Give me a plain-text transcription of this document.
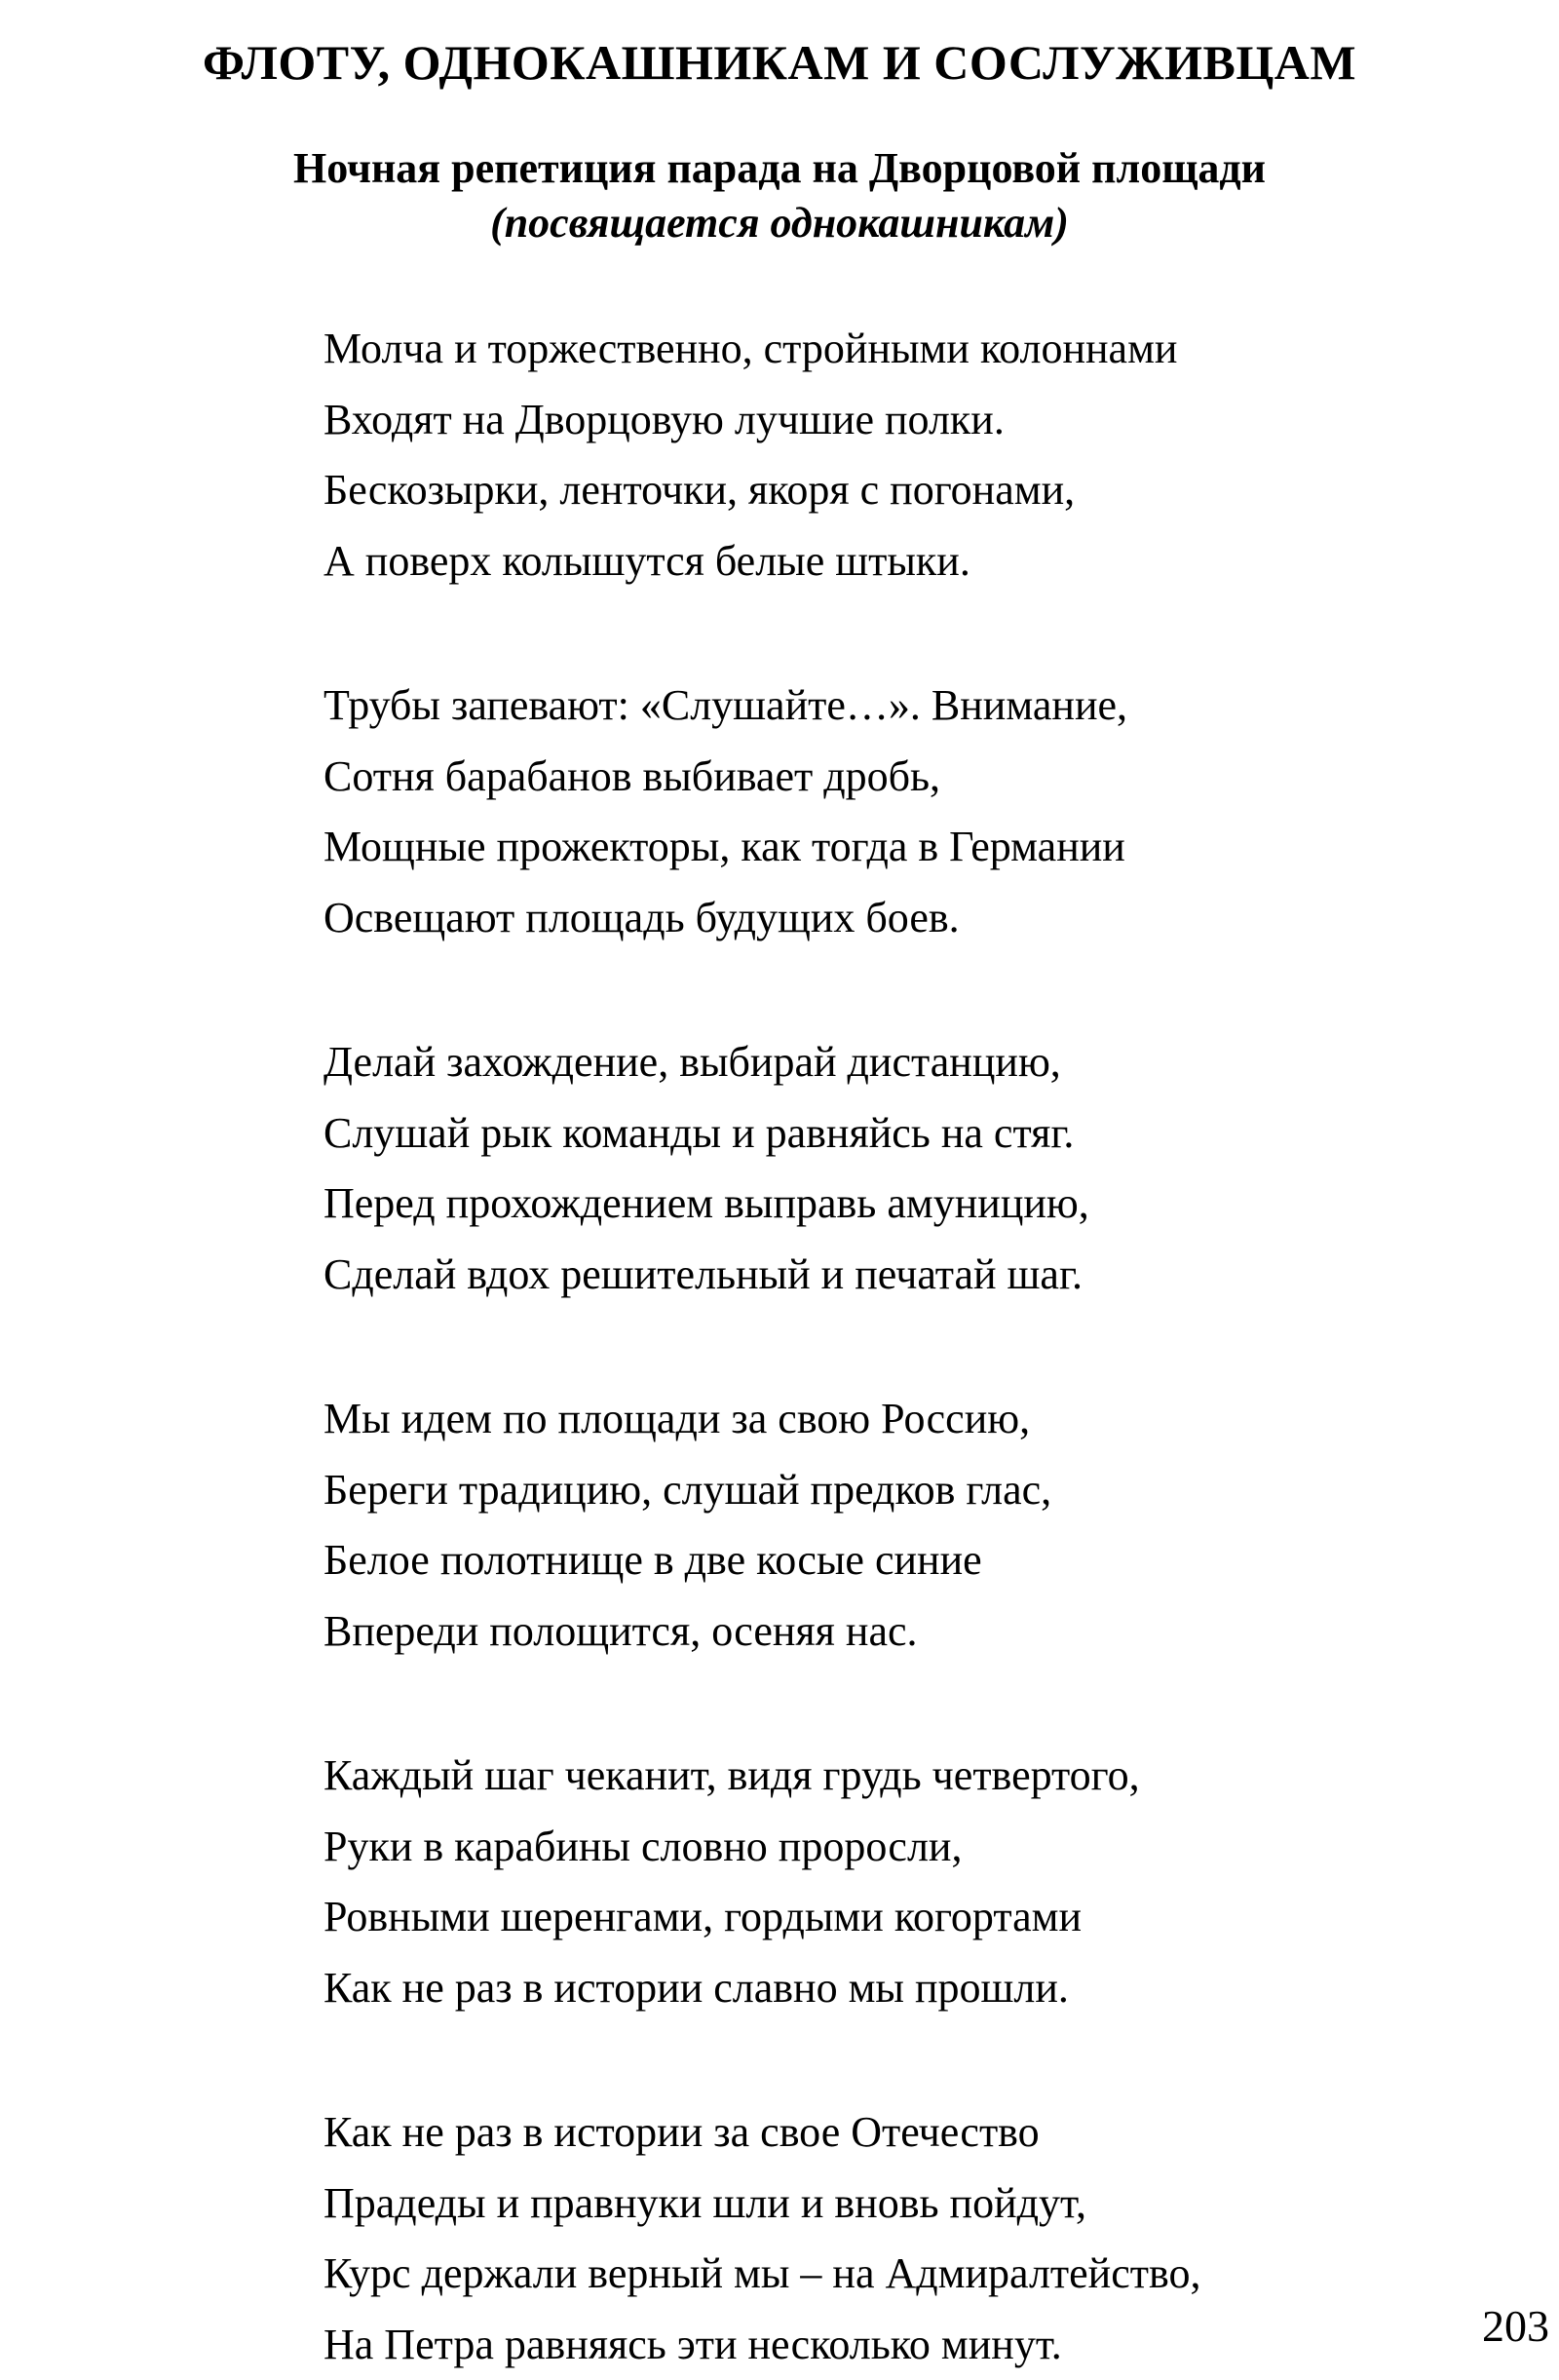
ФЛОТУ, ОДНОКАШНИКАМ И СОСЛУЖИВЦАМ
Ночная репетиция парада на Дворцовой площади
(посвящается однокашникам)
Молча и торжественно, стройными колоннами
Входят на Дворцовую лучшие полки.
Бескозырки, ленточки, якоря с погонами,
А поверх колышутся белые штыки.
Трубы запевают: «Слушайте…». Внимание,
Сотня барабанов выбивает дробь,
Мощные прожекторы, как тогда в Германии
Освещают площадь будущих боев.
Делай захождение, выбирай дистанцию,
Слушай рык команды и равняйсь на стяг.
Перед прохождением выправь амуницию,
Сделай вдох решительный и печатай шаг.
Мы идем по площади за свою Россию,
Береги традицию, слушай предков глас,
Белое полотнище в две косые синие
Впереди полощится, осеняя нас.
Каждый шаг чеканит, видя грудь четвертого,
Руки в карабины словно проросли,
Ровными шеренгами, гордыми когортами
Как не раз в истории славно мы прошли.
Как не раз в истории за свое Отечество
Прадеды и правнуки шли и вновь пойдут,
Курс держали верный мы – на Адмиралтейство,
На Петра равняясь эти несколько минут.	203
